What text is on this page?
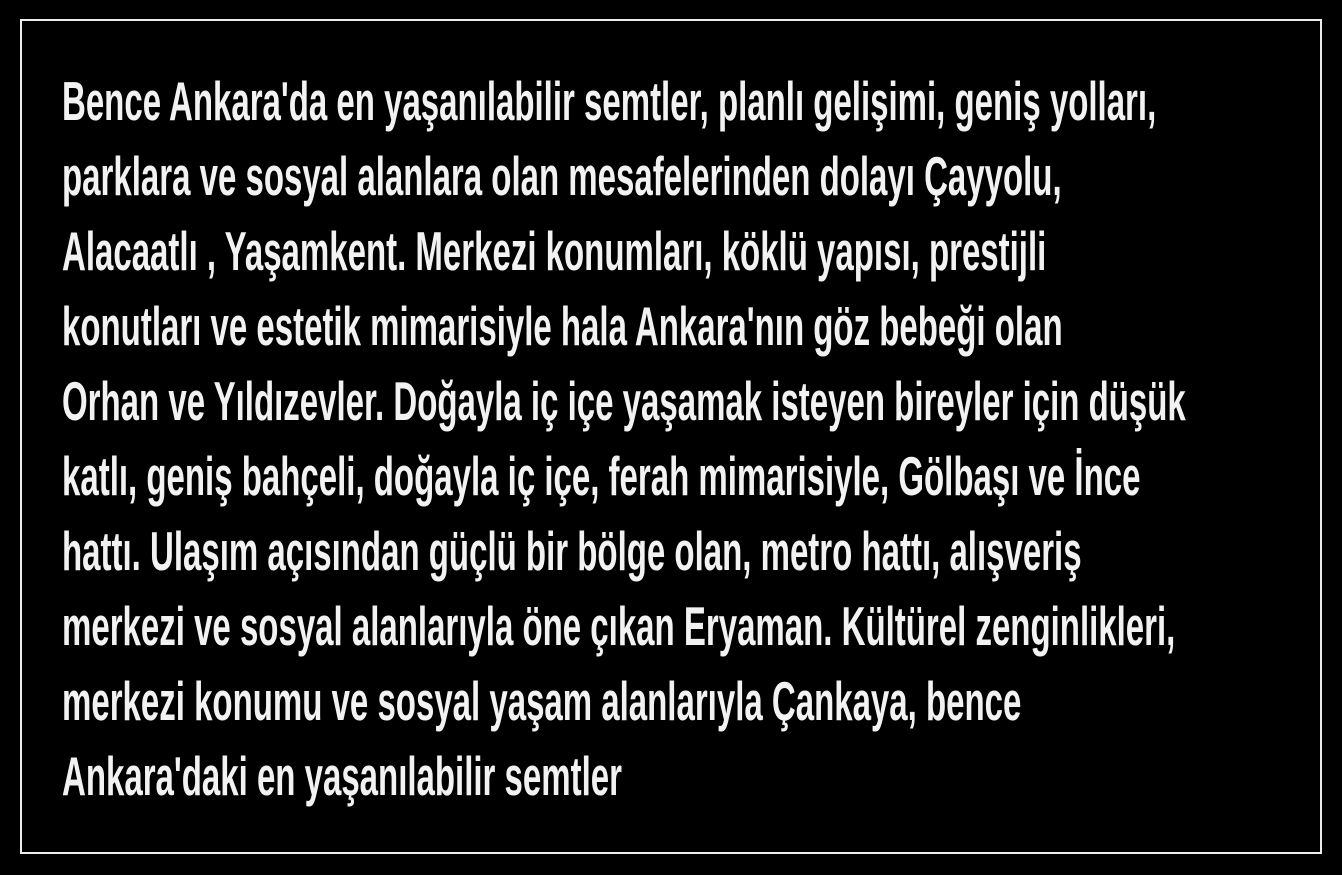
Bence Ankara'da en yaşanılabilir semtler, planlı gelişimi, geniş yolları,
parklara ve sosyal alanlara olan mesafelerinden dolayı Çayyolu,
Alacaatlı , Yaşamkent. Merkezi konumları, köklü yapısı, prestijli
konutları ve estetik mimarisiyle hala Ankara'nın göz bebeği olan
Orhan ve Yıldızevler. Doğayla iç içe yaşamak isteyen bireyler için düşük
katlı, geniş bahçeli, doğayla iç içe, ferah mimarisiyle, Gölbaşı ve İnce
hattı. Ulaşım açısından güçlü bir bölge olan, metro hattı, alışveriş
merkezi ve sosyal alanlarıyla öne çıkan Eryaman. Kültürel zenginlikleri,
merkezi konumu ve sosyal yaşam alanlarıyla Çankaya, bence
Ankara'daki en yaşanılabilir semtler
